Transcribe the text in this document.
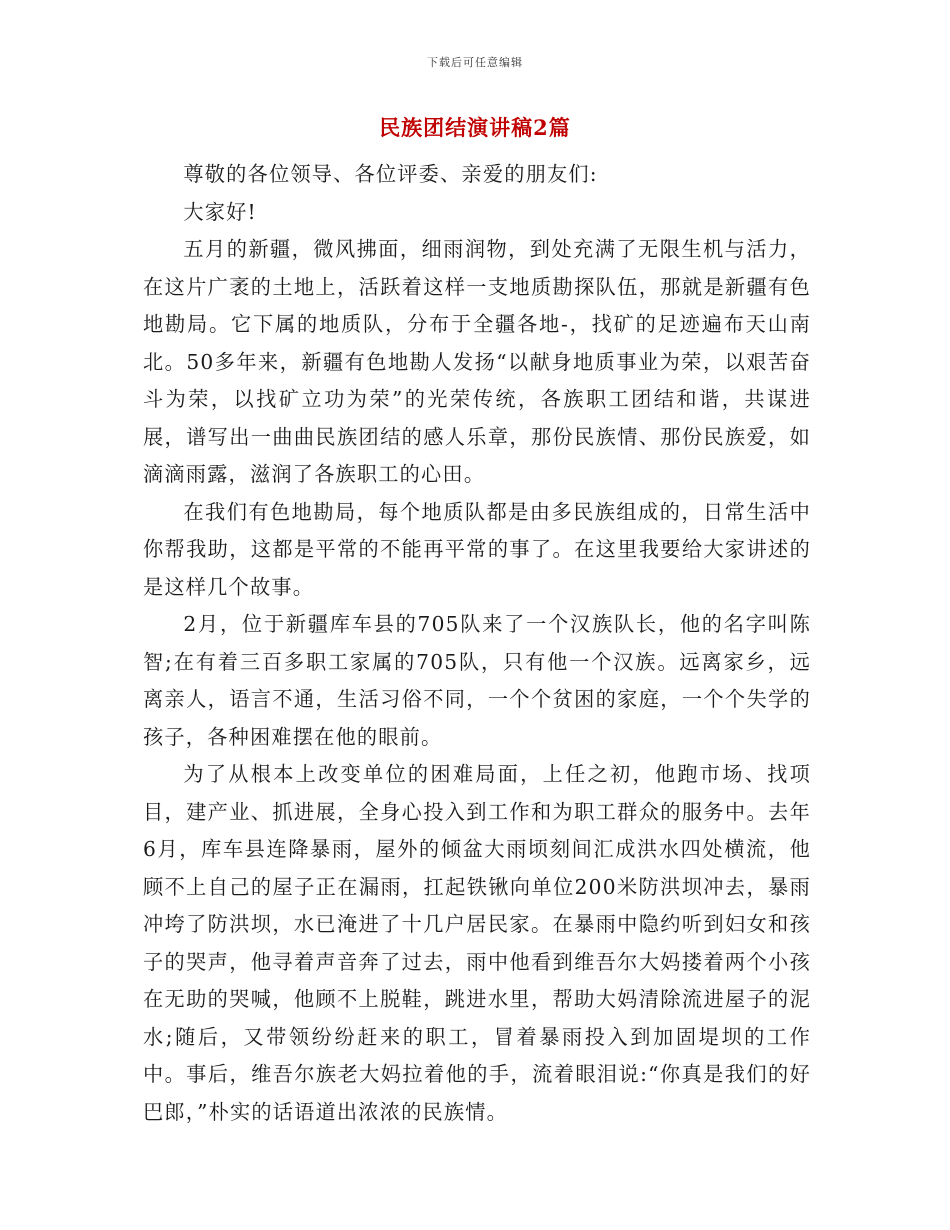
下载后可任意编辑
民族团结演讲稿2篇

尊敬的各位领导、各位评委、亲爱的朋友们:

大家好!

五月的新疆，微风拂面，细雨润物，到处充满了无限生机与活力，在这片广袤的土地上，活跃着这样一支地质勘探队伍，那就是新疆有色地勘局。它下属的地质队，分布于全疆各地-，找矿的足迹遍布天山南北。50多年来，新疆有色地勘人发扬“以献身地质事业为荣，以艰苦奋斗为荣，以找矿立功为荣”的光荣传统，各族职工团结和谐，共谋进展，谱写出一曲曲民族团结的感人乐章，那份民族情、那份民族爱，如滴滴雨露，滋润了各族职工的心田。

在我们有色地勘局，每个地质队都是由多民族组成的，日常生活中你帮我助，这都是平常的不能再平常的事了。在这里我要给大家讲述的是这样几个故事。

2月，位于新疆库车县的705队来了一个汉族队长，他的名字叫陈智;在有着三百多职工家属的705队，只有他一个汉族。远离家乡，远离亲人，语言不通，生活习俗不同，一个个贫困的家庭，一个个失学的孩子，各种困难摆在他的眼前。

为了从根本上改变单位的困难局面，上任之初，他跑市场、找项目，建产业、抓进展，全身心投入到工作和为职工群众的服务中。去年6月，库车县连降暴雨，屋外的倾盆大雨顷刻间汇成洪水四处横流，他顾不上自己的屋子正在漏雨，扛起铁锹向单位200米防洪坝冲去，暴雨冲垮了防洪坝，水已淹进了十几户居民家。在暴雨中隐约听到妇女和孩子的哭声，他寻着声音奔了过去，雨中他看到维吾尔大妈搂着两个小孩在无助的哭喊，他顾不上脱鞋，跳进水里，帮助大妈清除流进屋子的泥水;随后，又带领纷纷赶来的职工，冒着暴雨投入到加固堤坝的工作中。事后，维吾尔族老大妈拉着他的手，流着眼泪说:“你真是我们的好巴郎，”朴实的话语道出浓浓的民族情。
